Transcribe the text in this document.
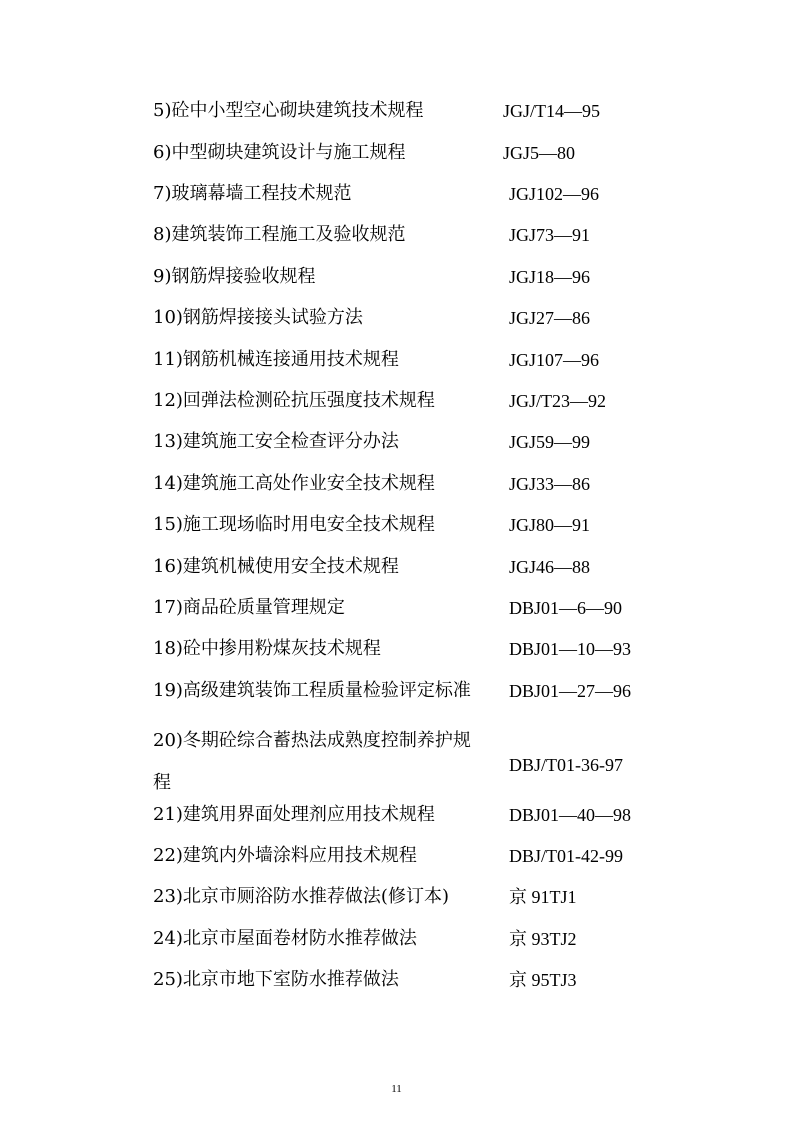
5)砼中小型空心砌块建筑技术规程	JGJ/T14—95
6)中型砌块建筑设计与施工规程	JGJ5—80
7)玻璃幕墙工程技术规范	JGJ102—96
8)建筑装饰工程施工及验收规范	JGJ73—91
9)钢筋焊接验收规程	JGJ18—96
10)钢筋焊接接头试验方法	JGJ27—86
11)钢筋机械连接通用技术规程	JGJ107—96
12)回弹法检测砼抗压强度技术规程	JGJ/T23—92
13)建筑施工安全检查评分办法	JGJ59—99
14)建筑施工高处作业安全技术规程	JGJ33—86
15)施工现场临时用电安全技术规程	JGJ80—91
16)建筑机械使用安全技术规程	JGJ46—88
17)商品砼质量管理规定	DBJ01—6—90
18)砼中掺用粉煤灰技术规程	DBJ01—10—93
19)高级建筑装饰工程质量检验评定标准 DBJ01—27—96
20)冬期砼综合蓄热法成熟度控制养护规程
DBJ/T01-36-97
21)建筑用界面处理剂应用技术规程	DBJ01—40—98
22)建筑内外墙涂料应用技术规程	DBJ/T01-42-99
23)北京市厕浴防水推荐做法(修订本)	京 91TJ1
24)北京市屋面卷材防水推荐做法	京 93TJ2
25)北京市地下室防水推荐做法	京 95TJ3
11
